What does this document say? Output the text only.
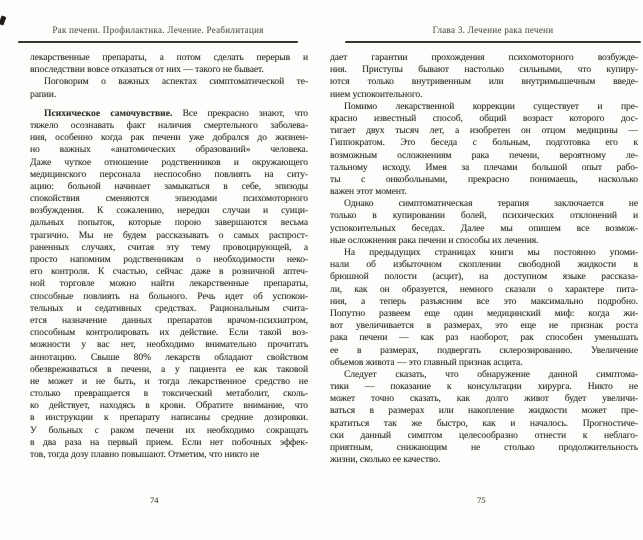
Рак печени. Профилактика. Лечение. Реабилитация
лекарственные препараты, а потом сделать перерыв и
впоследствии вовсе отказаться от них — такого не бывает.
Поговорим о важных аспектах симптоматической те-
рапии.
Психическое самочувствие. Все прекрасно знают, что
тяжело осознавать факт наличия смертельного заболева-
ния, особенно когда рак печени уже добрался до жизнен-
но важных «анатомических образований» человека.
Даже чуткое отношение родственников и окружающего
медицинского персонала неспособно повлиять на ситу-
ацию: больной начинает замыкаться в себе, эпизоды
спокойствия сменяются эпизодами психомоторного
возбуждения. К сожалению, нередки случаи и суици-
дальных попыток, которые порою завершаются весьма
трагично. Мы не будем рассказывать о самых распрост-
раненных случаях, считая эту тему провоцирующей, а
просто напомним родственникам о необходимости неко-
его контроля. К счастью, сейчас даже в розничной аптеч-
ной торговле можно найти лекарственные препараты,
способные повлиять на больного. Речь идет об успокои-
тельных и седативных средствах. Рациональным счита-
ется назначение данных препаратов врачом-психиатром,
способным контролировать их действие. Если такой воз-
можности у вас нет, необходимо внимательно прочитать
аннотацию. Свыше 80% лекарств обладают свойством
обезвреживаться в печени, а у пациента ее как таковой
не может и не быть, и тогда лекарственное средство не
столько превращается в токсический метаболит, сколь-
ко действует, находясь в крови. Обратите внимание, что
в инструкции к препарату написаны средние дозировки.
У больных с раком печени их необходимо сокращать
в два раза на первый прием. Если нет побочных эффек-
тов, тогда дозу плавно повышают. Отметим, что никто не
74
Глава 3. Лечение рака печени
дает гарантии прохождения психомоторного возбужде-
ния. Приступы бывают настолько сильными, что купиру-
ются только внутривенным или внутримышечным введе-
нием успокоительного.
Помимо лекарственной коррекции существует и пре-
красно известный способ, общий возраст которого дос-
тигает двух тысяч лет, а изобретен он отцом медицины —
Гиппократом. Это беседа с больным, подготовка его к
возможным осложнениям рака печени, вероятному ле-
тальному исходу. Имея за плечами большой опыт рабо-
ты с онкобольными, прекрасно понимаешь, насколько
важен этот момент.
Однако симптоматическая терапия заключается не
только в купировании болей, психических отклонений и
успокоительных беседах. Далее мы опишем все возмож-
ные осложнения рака печени и способы их лечения.
На предыдущих страницах книги мы постоянно упоми-
нали об избыточном скоплении свободной жидкости в
брюшной полости (асцит), на доступном языке рассказа-
ли, как он образуется, немного сказали о характере пита-
ния, а теперь разъясним все это максимально подробно.
Попутно развеем еще один медицинский миф: когда жи-
вот увеличивается в размерах, это еще не признак роста
рака печени — как раз наоборот, рак способен уменьшать
ее в размерах, подвергать склерозированию. Увеличение
объемов живота — это главный признак асцита.
Следует сказать, что обнаружение данной симптома-
тики — показание к консультации хирурга. Никто не
может точно сказать, как долго живот будет увеличи-
ваться в размерах или накопление жидкости может пре-
кратиться так же быстро, как и началось. Прогностиче-
ски данный симптом целесообразно отнести к неблаго-
приятным, снижающим не столько продолжительность
жизни, сколько ее качество.
75
